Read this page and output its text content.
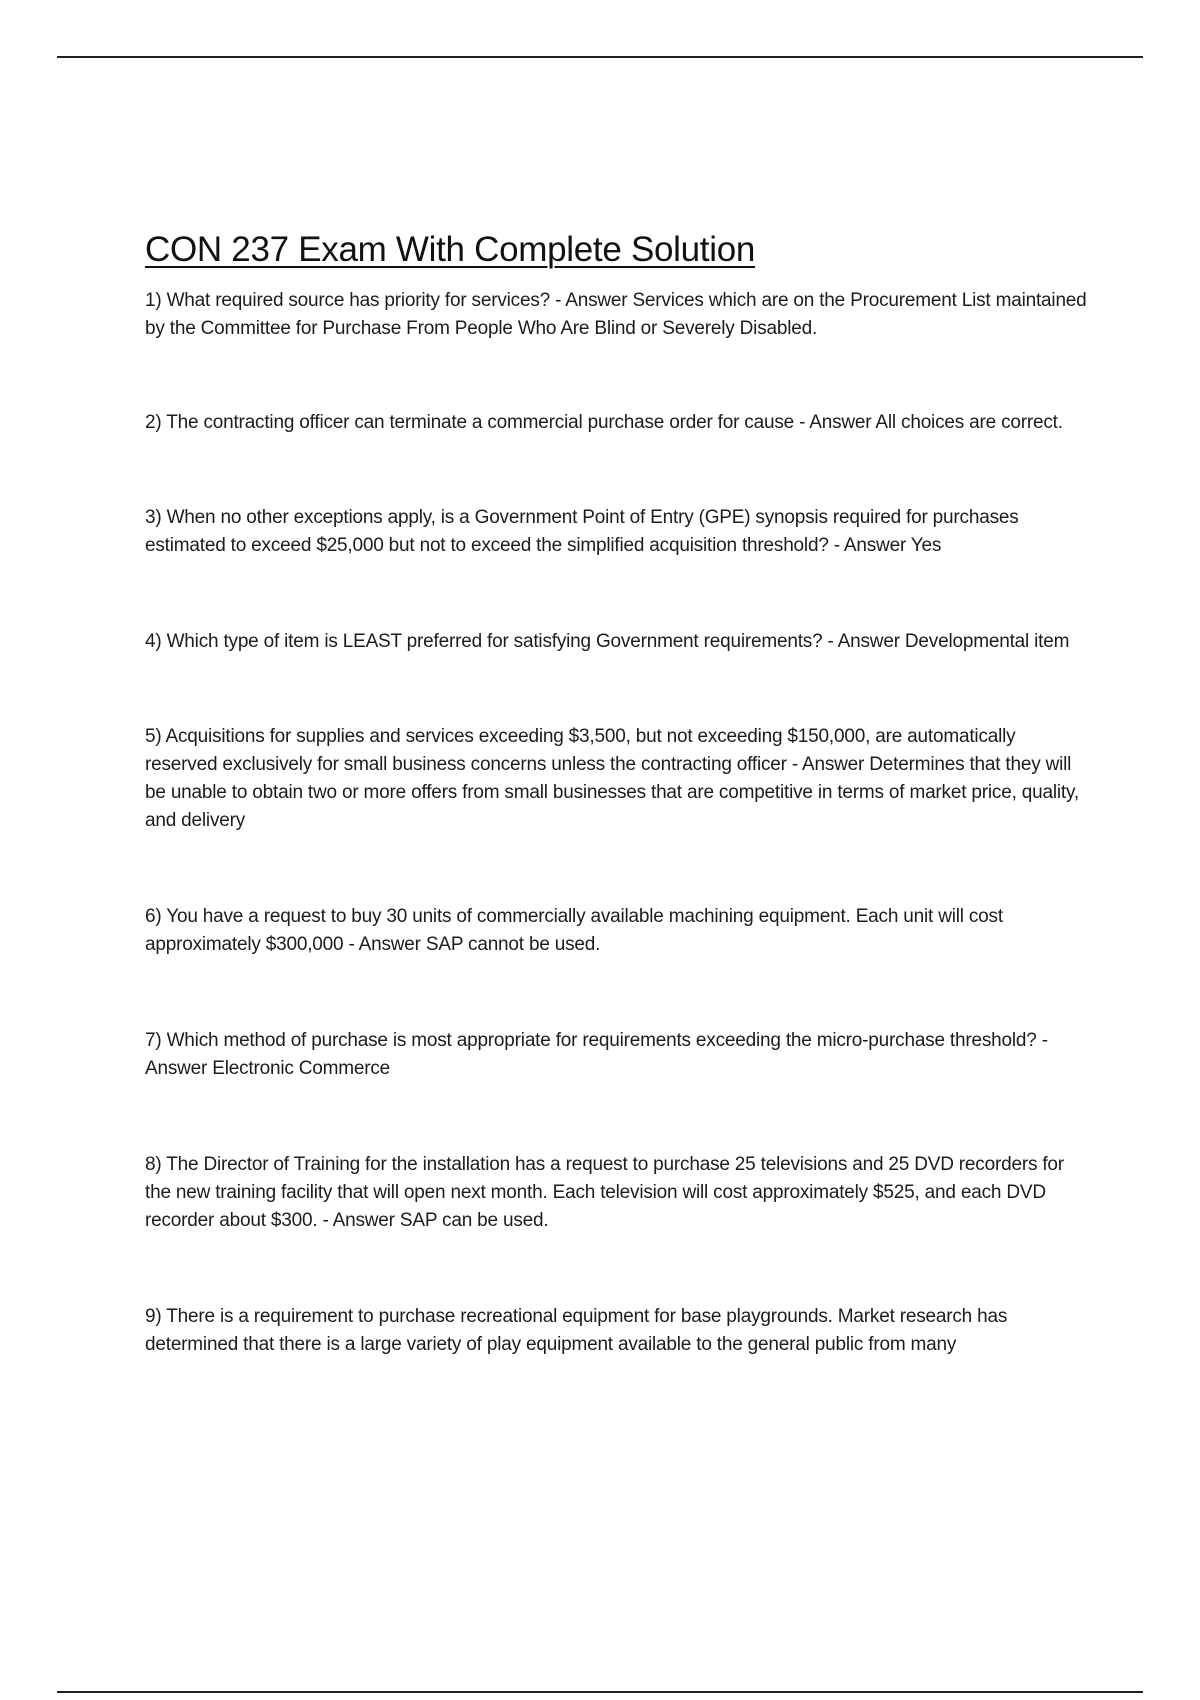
CON 237 Exam With Complete Solution

1) What required source has priority for services? - Answer Services which are on the Procurement List maintained by the Committee for Purchase From People Who Are Blind or Severely Disabled.

2) The contracting officer can terminate a commercial purchase order for cause - Answer All choices are correct.

3) When no other exceptions apply, is a Government Point of Entry (GPE) synopsis required for purchases estimated to exceed $25,000 but not to exceed the simplified acquisition threshold? - Answer Yes

4) Which type of item is LEAST preferred for satisfying Government requirements? - Answer Developmental item

5) Acquisitions for supplies and services exceeding $3,500, but not exceeding $150,000, are automatically reserved exclusively for small business concerns unless the contracting officer - Answer Determines that they will be unable to obtain two or more offers from small businesses that are competitive in terms of market price, quality, and delivery

6) You have a request to buy 30 units of commercially available machining equipment. Each unit will cost approximately $300,000 - Answer SAP cannot be used.

7) Which method of purchase is most appropriate for requirements exceeding the micro-purchase threshold? - Answer Electronic Commerce

8) The Director of Training for the installation has a request to purchase 25 televisions and 25 DVD recorders for the new training facility that will open next month. Each television will cost approximately $525, and each DVD recorder about $300. - Answer SAP can be used.

9) There is a requirement to purchase recreational equipment for base playgrounds. Market research has determined that there is a large variety of play equipment available to the general public from many
